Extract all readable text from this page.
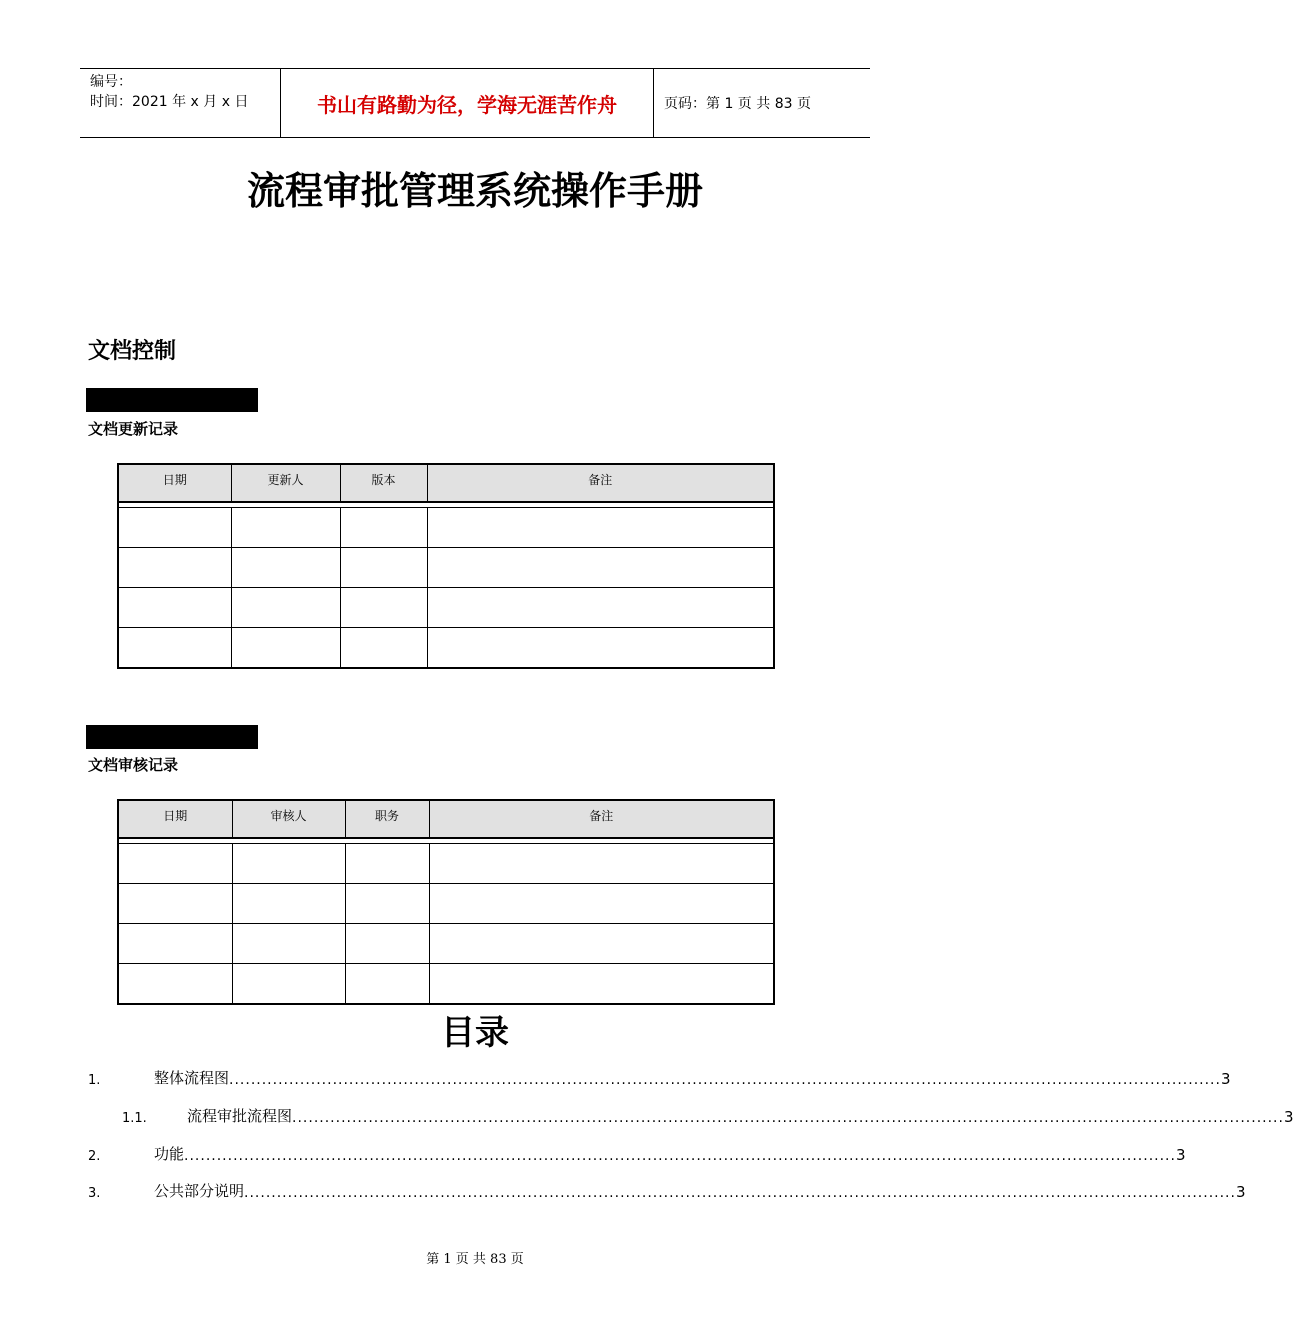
编号：
时间：2021 年 x 月 x 日	书山有路勤为径，学海无涯苦作舟	页码：第 1 页 共 83 页
流程审批管理系统操作手册
文档控制
文档更新记录
日期	更新人	版本	备注

文档审核记录
日期	审核人	职务	备注

目录
1.	整体流程图 ...................................................................................................................................................................................... 3
1.1.	流程审批流程图 ...................................................................................................................................................................................... 3
2.	功能 ...................................................................................................................................................................................... 3
3.	公共部分说明 ...................................................................................................................................................................................... 3
第 1 页 共 83 页
